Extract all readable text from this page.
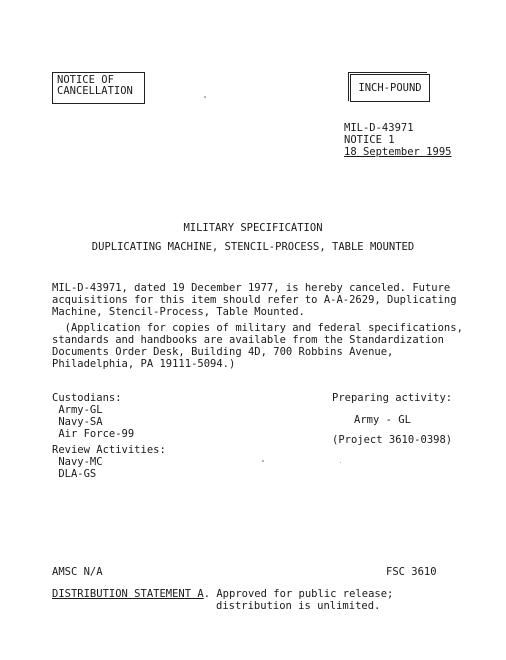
NOTICE OF
CANCELLATION	INCH-POUND
MIL-D-43971
NOTICE 1
18 September 1995
MILITARY SPECIFICATION
DUPLICATING MACHINE, STENCIL-PROCESS, TABLE MOUNTED
MIL-D-43971, dated 19 December 1977, is hereby canceled. Future
acquisitions for this item should refer to A-A-2629, Duplicating
Machine, Stencil-Process, Table Mounted.
(Application for copies of military and federal specifications,
standards and handbooks are available from the Standardization
Documents Order Desk, Building 4D, 700 Robbins Avenue,
Philadelphia, PA 19111-5094.)
Custodians:
Army-GL
Navy-SA
Air Force-99
Preparing activity:
Army - GL
(Project 3610-0398)
Review Activities:
Navy-MC
DLA-GS
AMSC N/A	FSC 3610
DISTRIBUTION STATEMENT A. Approved for public release;
distribution is unlimited.
